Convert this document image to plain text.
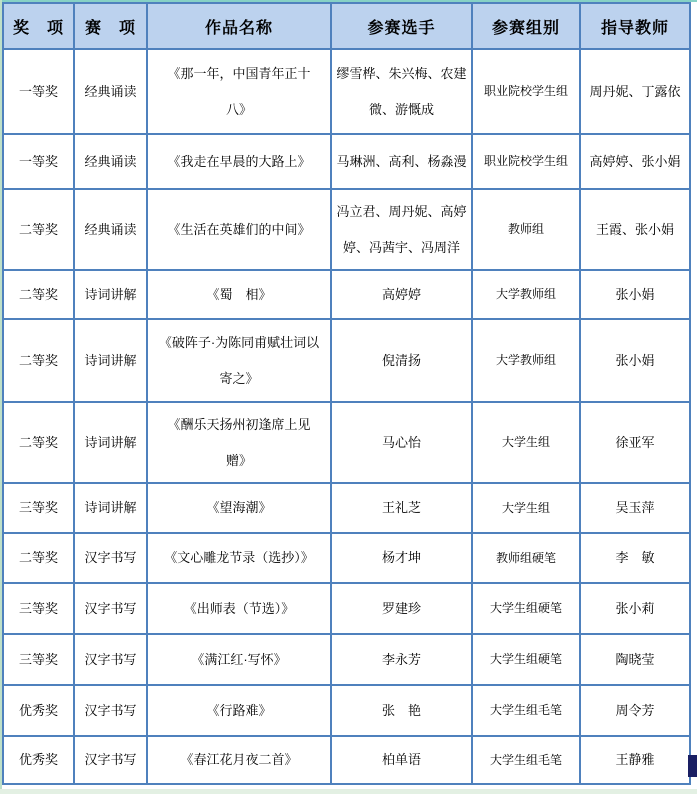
奖　项	赛　项	作品名称	参赛选手	参赛组别	指导教师
一等奖	经典诵读	《那一年，中国青年正十八》	缪雪桦、朱兴梅、农建微、游慨成	职业院校学生组	周丹妮、丁露依
一等奖	经典诵读	《我走在早晨的大路上》	马琳洲、高利、杨淼漫	职业院校学生组	高婷婷、张小娟
二等奖	经典诵读	《生活在英雄们的中间》	冯立君、周丹妮、高婷婷、冯茜宇、冯周洋	教师组	王霞、张小娟
二等奖	诗词讲解	《蜀　相》	高婷婷	大学教师组	张小娟
二等奖	诗词讲解	《破阵子·为陈同甫赋壮词以寄之》	倪清扬	大学教师组	张小娟
二等奖	诗词讲解	《酬乐天扬州初逢席上见赠》	马心怡	大学生组	徐亚军
三等奖	诗词讲解	《望海潮》	王礼芝	大学生组	吴玉萍
二等奖	汉字书写	《文心雕龙节录（选抄）》	杨才坤	教师组硬笔	李　敏
三等奖	汉字书写	《出师表（节选）》	罗建珍	大学生组硬笔	张小莉
三等奖	汉字书写	《满江红·写怀》	李永芳	大学生组硬笔	陶晓莹
优秀奖	汉字书写	《行路难》	张　艳	大学生组毛笔	周令芳
优秀奖	汉字书写	《春江花月夜二首》	柏单语	大学生组毛笔	王静雅
